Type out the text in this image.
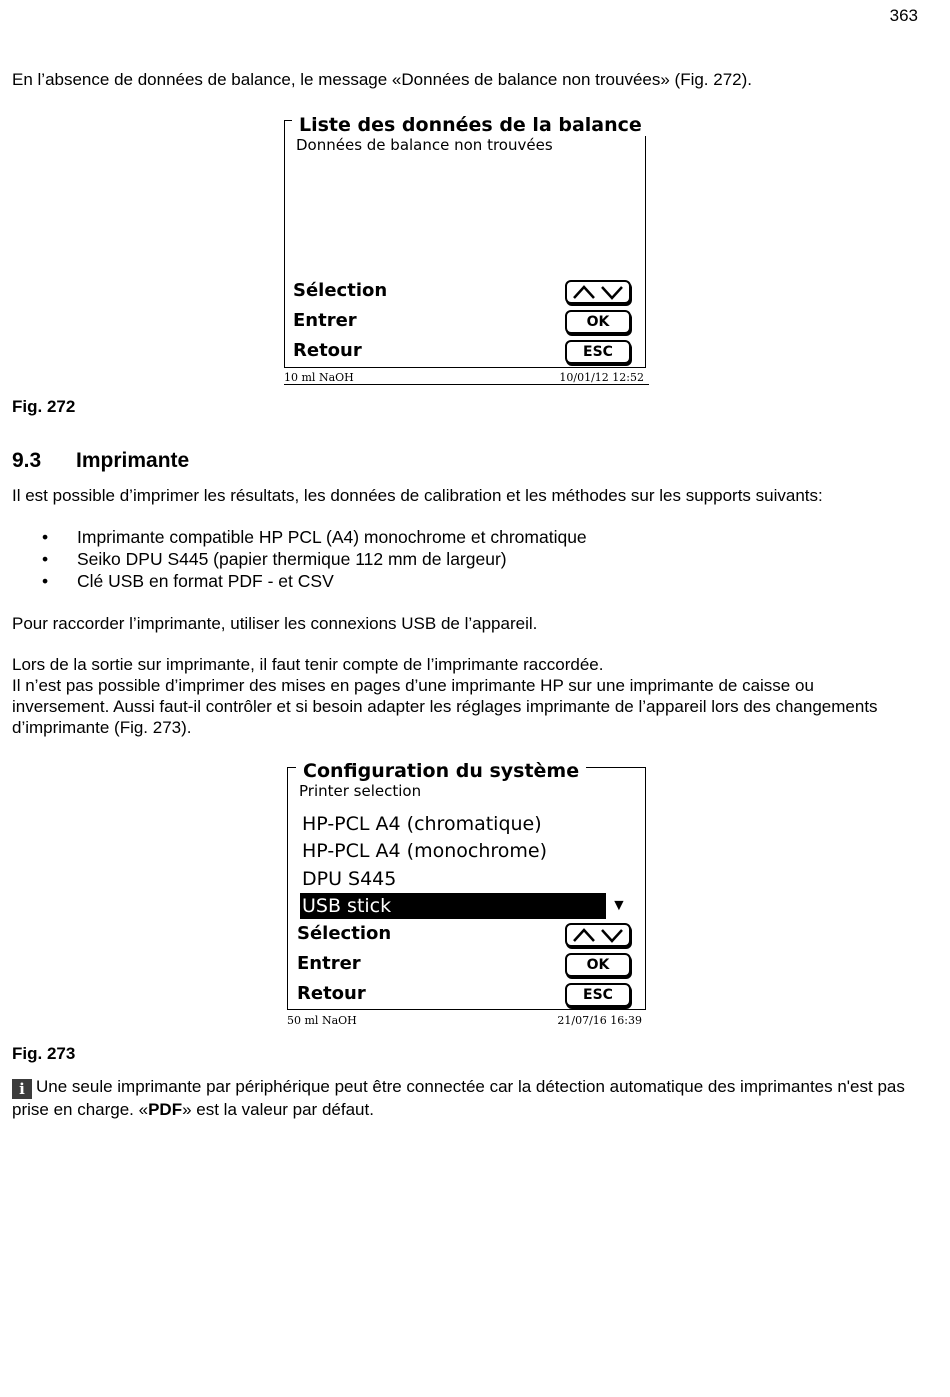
363
En l’absence de données de balance, le message «Données de balance non trouvées» (Fig. 272).
Liste des données de la balance
Données de balance non trouvées
Sélection
Entrer	OK
Retour	ESC
10 ml NaOH	10/01/12 12:52
Fig. 272
9.3 Imprimante
Il est possible d’imprimer les résultats, les données de calibration et les méthodes sur les supports suivants:
• Imprimante compatible HP PCL (A4) monochrome et chromatique
• Seiko DPU S445 (papier thermique 112 mm de largeur)
• Clé USB en format PDF - et CSV
Pour raccorder l’imprimante, utiliser les connexions USB de l’appareil.
Lors de la sortie sur imprimante, il faut tenir compte de l’imprimante raccordée.
Il n’est pas possible d’imprimer des mises en pages d’une imprimante HP sur une imprimante de caisse ou inversement. Aussi faut-il contrôler et si besoin adapter les réglages imprimante de l’appareil lors des changements d’imprimante (Fig. 273).
Configuration du système
Printer selection
HP-PCL A4 (chromatique)
HP-PCL A4 (monochrome)
DPU S445
USB stick	▼
Sélection
Entrer	OK
Retour	ESC
50 ml NaOH	21/07/16 16:39
Fig. 273
i Une seule imprimante par périphérique peut être connectée car la détection automatique des imprimantes n'est pas prise en charge. «PDF» est la valeur par défaut.
